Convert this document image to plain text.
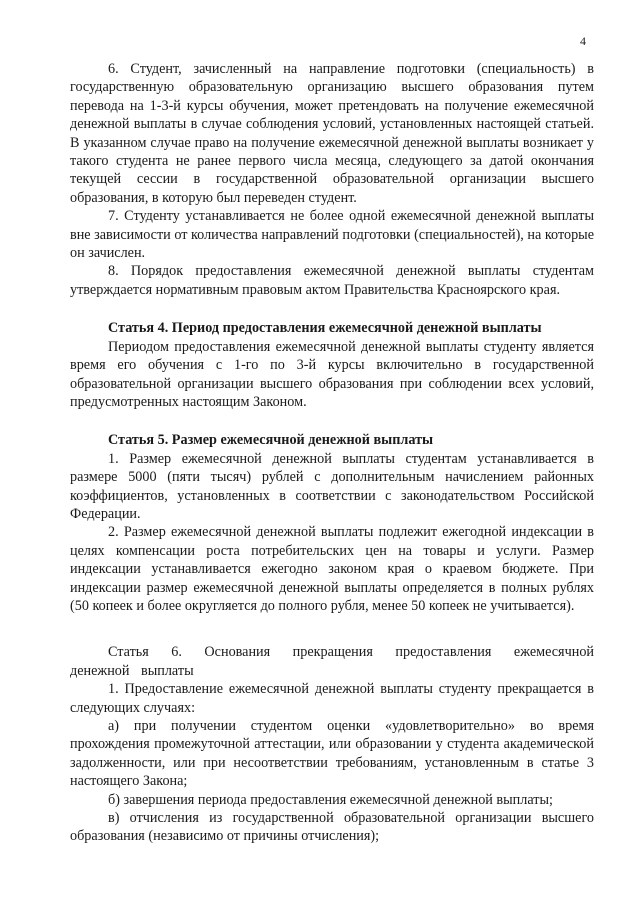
4

6. Студент, зачисленный на направление подготовки (специальность) в государственную образовательную организацию высшего образования путем перевода на 1-3-й курсы обучения, может претендовать на получение ежемесячной денежной выплаты в случае соблюдения условий, установленных настоящей статьей. В указанном случае право на получение ежемесячной денежной выплаты возникает у такого студента не ранее первого числа месяца, следующего за датой окончания текущей сессии в государственной образовательной организации высшего образования, в которую был переведен студент.

7. Студенту устанавливается не более одной ежемесячной денежной выплаты вне зависимости от количества направлений подготовки (специальностей), на которые он зачислен.

8. Порядок предоставления ежемесячной денежной выплаты студентам утверждается нормативным правовым актом Правительства Красноярского края.

Статья 4. Период предоставления ежемесячной денежной выплаты

Периодом предоставления ежемесячной денежной выплаты студенту является время его обучения с 1-го по 3-й курсы включительно в государственной образовательной организации высшего образования при соблюдении всех условий, предусмотренных настоящим Законом.

Статья 5. Размер ежемесячной денежной выплаты

1. Размер ежемесячной денежной выплаты студентам устанавливается в размере 5000 (пяти тысяч) рублей с дополнительным начислением районных коэффициентов, установленных в соответствии с законодательством Российской Федерации.

2. Размер ежемесячной денежной выплаты подлежит ежегодной индексации в целях компенсации роста потребительских цен на товары и услуги. Размер индексации устанавливается ежегодно законом края о краевом бюджете. При индексации размер ежемесячной денежной выплаты определяется в полных рублях (50 копеек и более округляется до полного рубля, менее 50 копеек не учитывается).

Статья 6. Основания прекращения предоставления ежемесячной денежной выплаты

1. Предоставление ежемесячной денежной выплаты студенту прекращается в следующих случаях:

а) при получении студентом оценки «удовлетворительно» во время прохождения промежуточной аттестации, или образовании у студента академической задолженности, или при несоответствии требованиям, установленным в статье 3 настоящего Закона;

б) завершения периода предоставления ежемесячной денежной выплаты;

в) отчисления из государственной образовательной организации высшего образования (независимо от причины отчисления);
